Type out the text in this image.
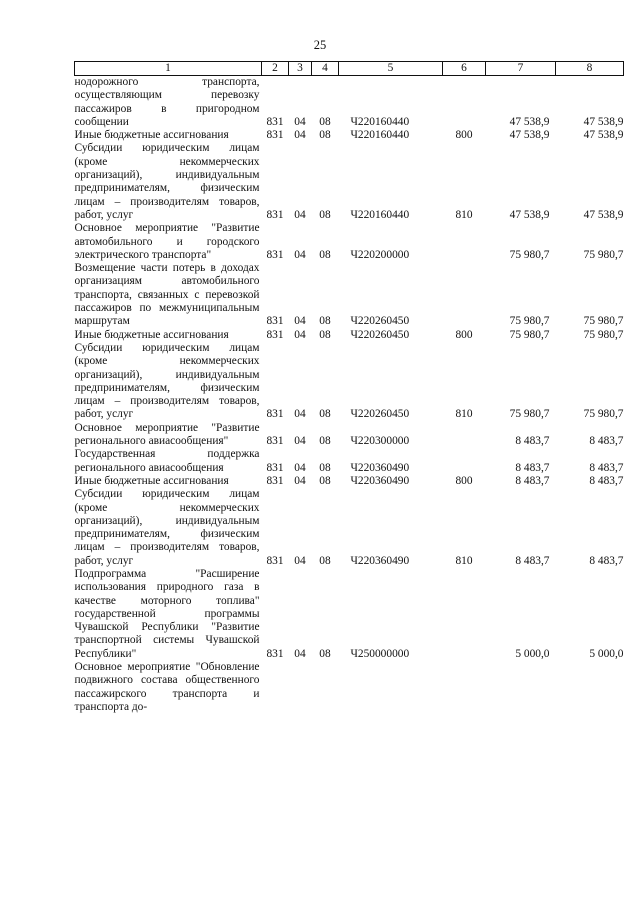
25
1	2	3	4	5	6	7	8
нодорожного транспорта, осуществляющим перевозку пассажиров в пригородном сообщении	831	04	08	Ч220160440		47 538,9	47 538,9
Иные бюджетные ассигнования	831	04	08	Ч220160440	800	47 538,9	47 538,9
Субсидии юридическим лицам (кроме некоммерческих организаций), индивидуальным предпринимателям, физическим лицам – производителям товаров, работ, услуг	831	04	08	Ч220160440	810	47 538,9	47 538,9
Основное мероприятие "Развитие автомобильного и городского электрического транспорта"	831	04	08	Ч220200000		75 980,7	75 980,7
Возмещение части потерь в доходах организациям автомобильного транспорта, связанных с перевозкой пассажиров по межмуниципальным маршрутам	831	04	08	Ч220260450		75 980,7	75 980,7
Иные бюджетные ассигнования	831	04	08	Ч220260450	800	75 980,7	75 980,7
Субсидии юридическим лицам (кроме некоммерческих организаций), индивидуальным предпринимателям, физическим лицам – производителям товаров, работ, услуг	831	04	08	Ч220260450	810	75 980,7	75 980,7
Основное мероприятие "Развитие регионального авиасообщения"	831	04	08	Ч220300000		8 483,7	8 483,7
Государственная поддержка регионального авиасообщения	831	04	08	Ч220360490		8 483,7	8 483,7
Иные бюджетные ассигнования	831	04	08	Ч220360490	800	8 483,7	8 483,7
Субсидии юридическим лицам (кроме некоммерческих организаций), индивидуальным предпринимателям, физическим лицам – производителям товаров, работ, услуг	831	04	08	Ч220360490	810	8 483,7	8 483,7
Подпрограмма "Расширение использования природного газа в качестве моторного топлива" государственной программы Чувашской Республики "Развитие транспортной системы Чувашской Республики"	831	04	08	Ч250000000		5 000,0	5 000,0
Основное мероприятие "Обновление подвижного состава общественного пассажирского транспорта и транспорта до-							
